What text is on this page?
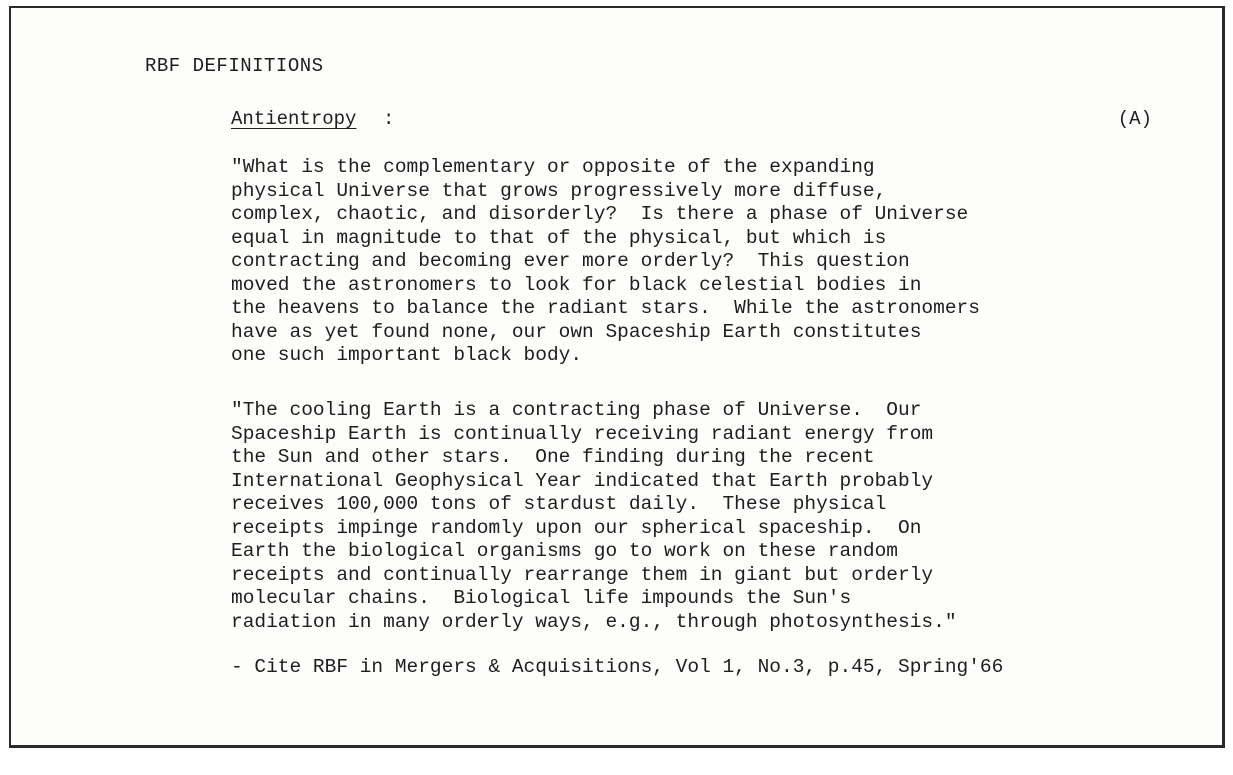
RBF DEFINITIONS
Antientropy :	(A)

"What is the complementary or opposite of the expanding
physical Universe that grows progressively more diffuse,
complex, chaotic, and disorderly?  Is there a phase of Universe
equal in magnitude to that of the physical, but which is
contracting and becoming ever more orderly?  This question
moved the astronomers to look for black celestial bodies in
the heavens to balance the radiant stars.  While the astronomers
have as yet found none, our own Spaceship Earth constitutes
one such important black body.

"The cooling Earth is a contracting phase of Universe.  Our
Spaceship Earth is continually receiving radiant energy from
the Sun and other stars.  One finding during the recent
International Geophysical Year indicated that Earth probably
receives 100,000 tons of stardust daily.  These physical
receipts impinge randomly upon our spherical spaceship.  On
Earth the biological organisms go to work on these random
receipts and continually rearrange them in giant but orderly
molecular chains.  Biological life impounds the Sun's
radiation in many orderly ways, e.g., through photosynthesis."

- Cite RBF in Mergers & Acquisitions, Vol 1, No.3, p.45, Spring'66
